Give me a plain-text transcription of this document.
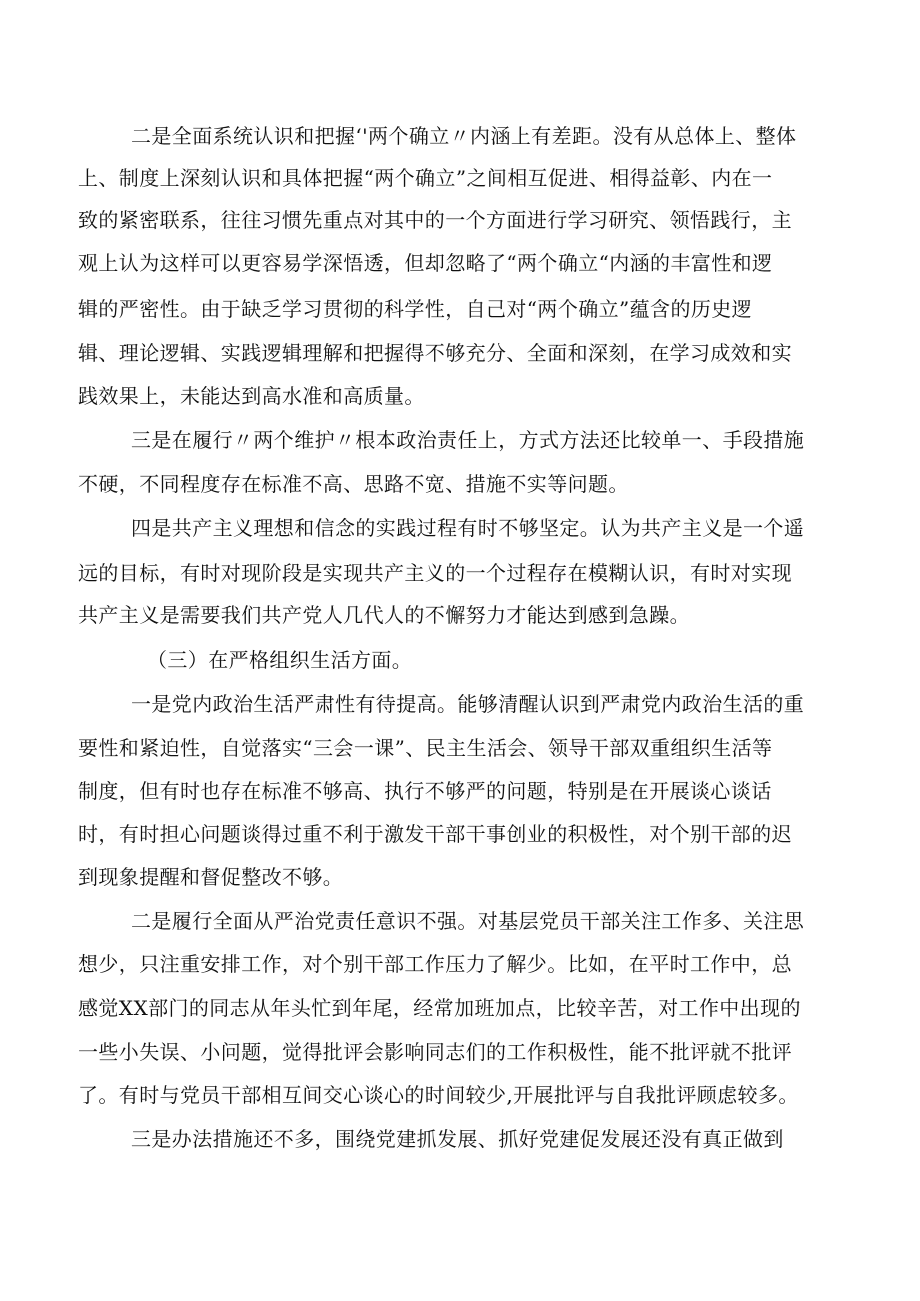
二是全面系统认识和把握‘'两个确立〃内涵上有差距。没有从总体上、整体
上、制度上深刻认识和具体把握“两个确立”之间相互促进、相得益彰、内在一
致的紧密联系，往往习惯先重点对其中的一个方面进行学习研究、领悟践行，主
观上认为这样可以更容易学深悟透，但却忽略了“两个确立“内涵的丰富性和逻
辑的严密性。由于缺乏学习贯彻的科学性，自己对“两个确立”蕴含的历史逻
辑、理论逻辑、实践逻辑理解和把握得不够充分、全面和深刻，在学习成效和实
践效果上，未能达到高水准和高质量。
三是在履行〃两个维护〃根本政治责任上，方式方法还比较单一、手段措施
不硬，不同程度存在标准不高、思路不宽、措施不实等问题。
四是共产主义理想和信念的实践过程有时不够坚定。认为共产主义是一个遥
远的目标，有时对现阶段是实现共产主义的一个过程存在模糊认识，有时对实现
共产主义是需要我们共产党人几代人的不懈努力才能达到感到急躁。
（三）在严格组织生活方面。
一是党内政治生活严肃性有待提高。能够清醒认识到严肃党内政治生活的重
要性和紧迫性，自觉落实“三会一课”、民主生活会、领导干部双重组织生活等
制度，但有时也存在标准不够高、执行不够严的问题，特别是在开展谈心谈话
时，有时担心问题谈得过重不利于激发干部干事创业的积极性，对个别干部的迟
到现象提醒和督促整改不够。
二是履行全面从严治党责任意识不强。对基层党员干部关注工作多、关注思
想少，只注重安排工作，对个别干部工作压力了解少。比如，在平时工作中，总
感觉XX部门的同志从年头忙到年尾，经常加班加点，比较辛苦，对工作中出现的
一些小失误、小问题，觉得批评会影响同志们的工作积极性，能不批评就不批评
了。有时与党员干部相互间交心谈心的时间较少,开展批评与自我批评顾虑较多。
三是办法措施还不多，围绕党建抓发展、抓好党建促发展还没有真正做到
